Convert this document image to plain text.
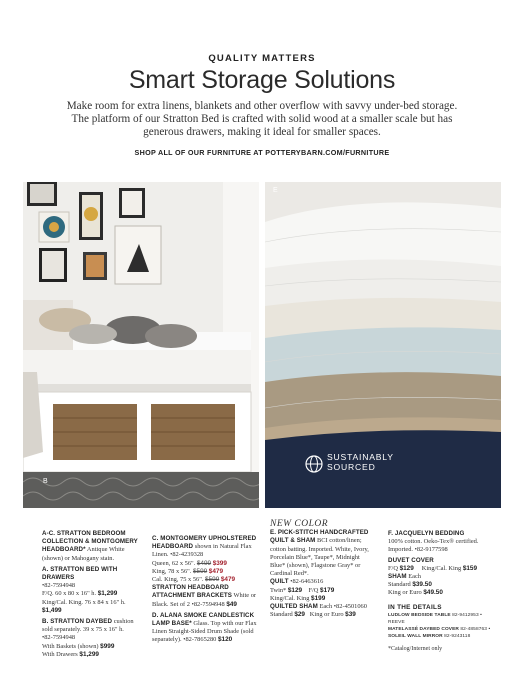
QUALITY MATTERS
Smart Storage Solutions
Make room for extra linens, blankets and other overflow with savvy under-bed storage. The platform of our Stratton Bed is crafted with solid wood at a smaller scale but has generous drawers, making it ideal for smaller spaces.
SHOP ALL OF OUR FURNITURE AT POTTERYBARN.COM/FURNITURE
B
E
SUSTAINABLY
SOURCED
A-C. STRATTON BEDROOM COLLECTION & MONTGOMERY HEADBOARD* Antique White (shown) or Mahogany stain.
A. STRATTON BED WITH DRAWERS
•82-7594948
F/Q. 60 x 80 x 16" h. $1,299
King/Cal. King. 76 x 84 x 16" h. $1,499
B. STRATTON DAYBED cushion sold separately. 39 x 75 x 16" h.
•82-7594948
With Baskets (shown) $999
With Drawers $1,299
C. MONTGOMERY UPHOLSTERED HEADBOARD shown in Natural Flax Linen. •82-4239328
Queen, 62 x 56". $499 $399
King, 78 x 56". $599 $479
Cal. King, 75 x 56". $599 $479
STRATTON HEADBOARD ATTACHMENT BRACKETS White or Black. Set of 2 •82-7594948 $49
D. ALANA SMOKE CANDLESTICK LAMP BASE* Glass. Top with our Flax Linen Straight-Sided Drum Shade (sold separately). •82-7865280 $120
NEW COLOR
E. PICK-STITCH HANDCRAFTED QUILT & SHAM BCI cotton/linen; cotton batting. Imported. White, Ivory, Porcelain Blue*, Taupe*, Midnight Blue* (shown), Flagstone Gray* or Cardinal Red*.
QUILT •82-6463616
Twin* $129 F/Q $179
King/Cal. King $199
QUILTED SHAM Each •82-4501060
Standard $29 King or Euro $39
F. JACQUELYN BEDDING
100% cotton. Oeko-Tex® certified. Imported. •82-9177598
DUVET COVER
F/Q $129 King/Cal. King $159
SHAM Each
Standard $39.50
King or Euro $49.50
IN THE DETAILS
LUDLOW BEDSIDE TABLE 82-9412953 • REEVE
MATELASSÉ DAYBED COVER 82-4858763 •
SOLEIL WALL MIRROR 82-9243118
*Catalog/Internet only
